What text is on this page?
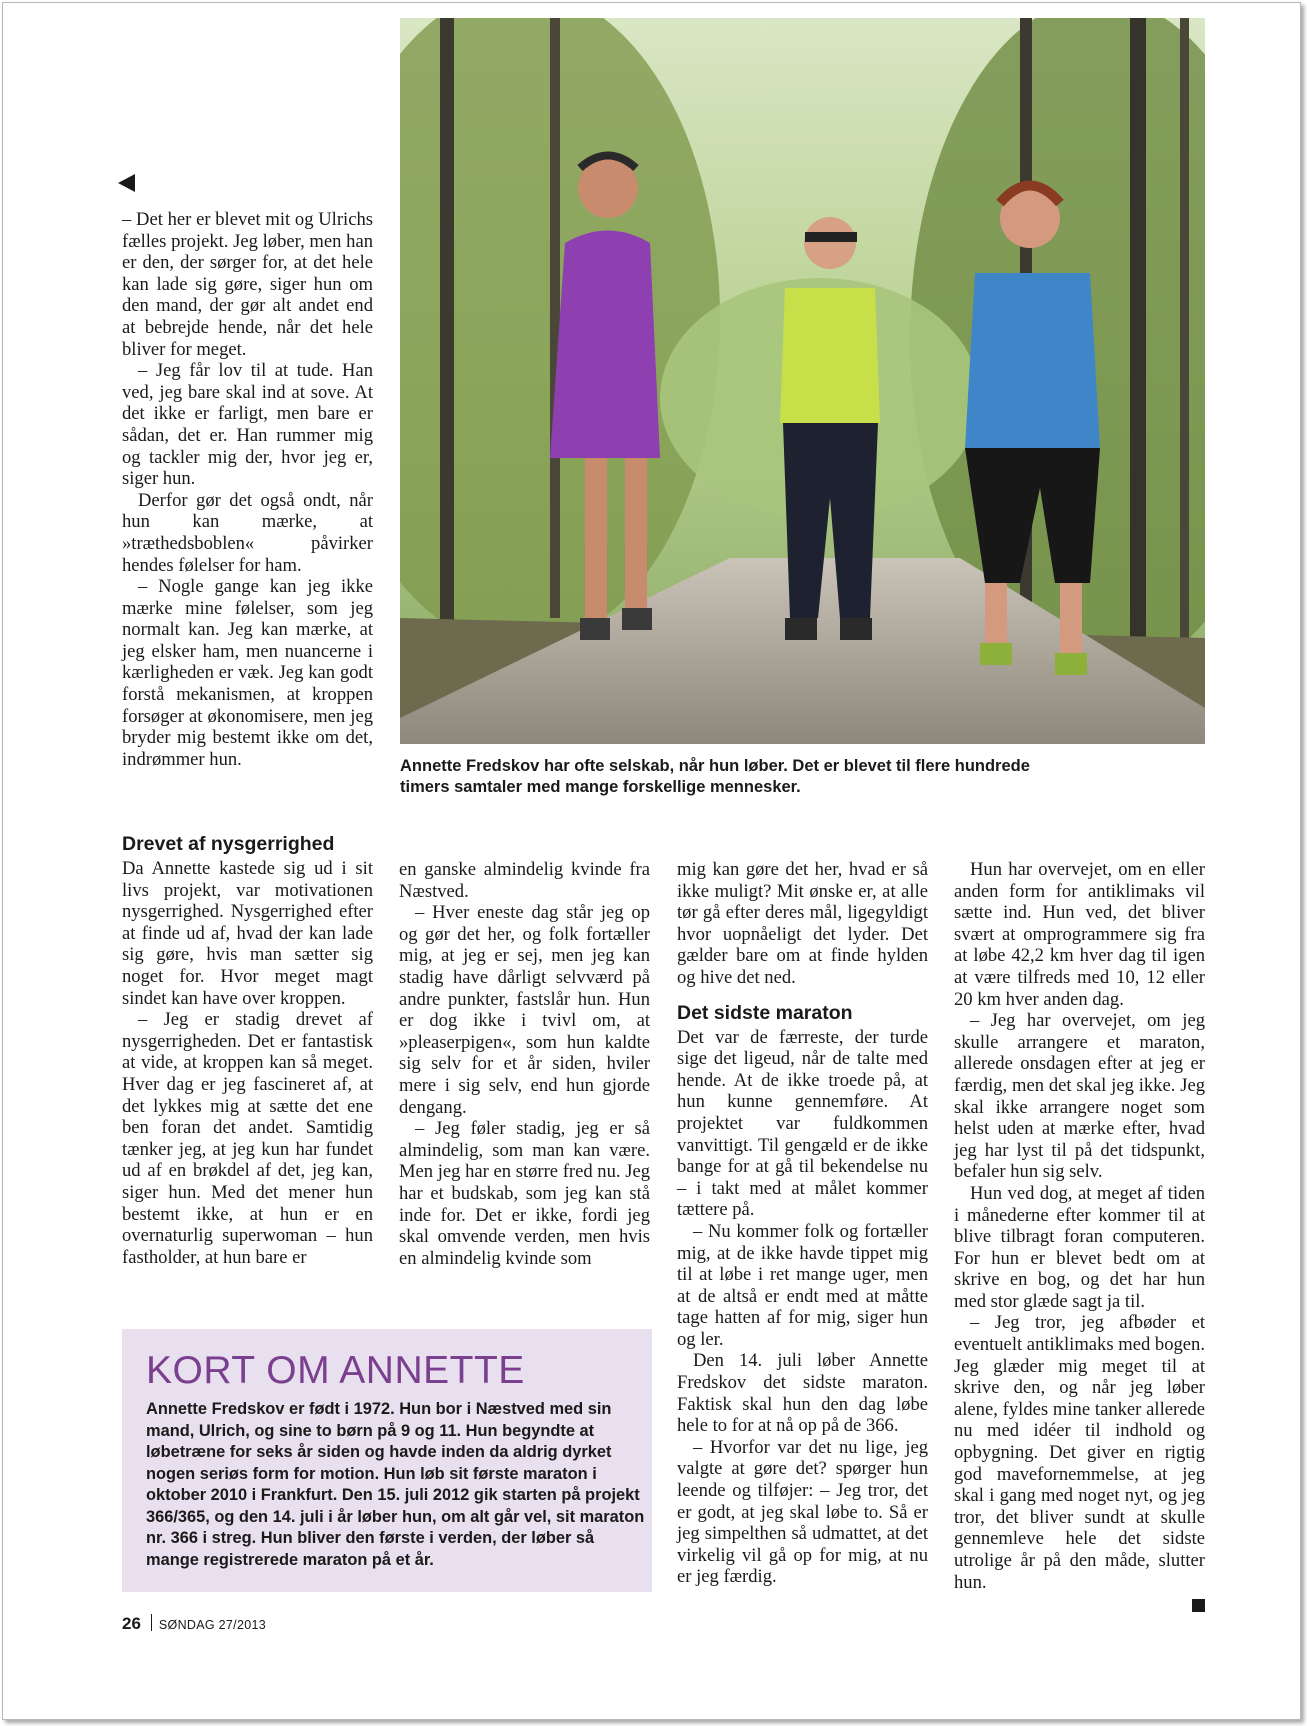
Annette Fredskov har ofte selskab, når hun løber. Det er blevet til flere hundrede
timers samtaler med mange forskellige mennesker.

– Det her er blevet mit og Ulrichs fælles projekt. Jeg løber, men han er den, der sørger for, at det hele kan lade sig gøre, siger hun om den mand, der gør alt andet end at bebrejde hende, når det hele bliver for meget.

– Jeg får lov til at tude. Han ved, jeg bare skal ind at sove. At det ikke er farligt, men bare er sådan, det er. Han rummer mig og tackler mig der, hvor jeg er, siger hun.

Derfor gør det også ondt, når hun kan mærke, at »træthedsboblen« påvirker hendes følelser for ham.

– Nogle gange kan jeg ikke mærke mine følelser, som jeg normalt kan. Jeg kan mærke, at jeg elsker ham, men nuancerne i kærligheden er væk. Jeg kan godt forstå mekanismen, at kroppen forsøger at økonomisere, men jeg bryder mig bestemt ikke om det, indrømmer hun.

Drevet af nysgerrighed

Da Annette kastede sig ud i sit livs projekt, var motivationen nysgerrighed. Nysgerrighed efter at finde ud af, hvad der kan lade sig gøre, hvis man sætter sig noget for. Hvor meget magt sindet kan have over kroppen.

– Jeg er stadig drevet af nysgerrigheden. Det er fantastisk at vide, at kroppen kan så meget. Hver dag er jeg fascineret af, at det lykkes mig at sætte det ene ben foran det andet. Samtidig tænker jeg, at jeg kun har fundet ud af en brøkdel af det, jeg kan, siger hun. Med det mener hun bestemt ikke, at hun er en overnaturlig superwoman – hun fastholder, at hun bare er

en ganske almindelig kvinde fra Næstved.

– Hver eneste dag står jeg op og gør det her, og folk fortæller mig, at jeg er sej, men jeg kan stadig have dårligt selvværd på andre punkter, fastslår hun. Hun er dog ikke i tvivl om, at »pleaserpigen«, som hun kaldte sig selv for et år siden, hviler mere i sig selv, end hun gjorde dengang.

– Jeg føler stadig, jeg er så almindelig, som man kan være. Men jeg har en større fred nu. Jeg har et budskab, som jeg kan stå inde for. Det er ikke, fordi jeg skal omvende verden, men hvis en almindelig kvinde som

mig kan gøre det her, hvad er så ikke muligt? Mit ønske er, at alle tør gå efter deres mål, ligegyldigt hvor uopnåeligt det lyder. Det gælder bare om at finde hylden og hive det ned.

Det sidste maraton

Det var de færreste, der turde sige det ligeud, når de talte med hende. At de ikke troede på, at hun kunne gennemføre. At projektet var fuldkommen vanvittigt. Til gengæld er de ikke bange for at gå til bekendelse nu – i takt med at målet kommer tættere på.

– Nu kommer folk og fortæller mig, at de ikke havde tippet mig til at løbe i ret mange uger, men at de altså er endt med at måtte tage hatten af for mig, siger hun og ler.

Den 14. juli løber Annette Fredskov det sidste maraton. Faktisk skal hun den dag løbe hele to for at nå op på de 366.

– Hvorfor var det nu lige, jeg valgte at gøre det? spørger hun leende og tilføjer: – Jeg tror, det er godt, at jeg skal løbe to. Så er jeg simpelthen så udmattet, at det virkelig vil gå op for mig, at nu er jeg færdig.

Hun har overvejet, om en eller anden form for antiklimaks vil sætte ind. Hun ved, det bliver svært at omprogrammere sig fra at løbe 42,2 km hver dag til igen at være tilfreds med 10, 12 eller 20 km hver anden dag.

– Jeg har overvejet, om jeg skulle arrangere et maraton, allerede onsdagen efter at jeg er færdig, men det skal jeg ikke. Jeg skal ikke arrangere noget som helst uden at mærke efter, hvad jeg har lyst til på det tidspunkt, befaler hun sig selv.

Hun ved dog, at meget af tiden i månederne efter kommer til at blive tilbragt foran computeren. For hun er blevet bedt om at skrive en bog, og det har hun med stor glæde sagt ja til.

– Jeg tror, jeg afbøder et eventuelt antiklimaks med bogen. Jeg glæder mig meget til at skrive den, og når jeg løber alene, fyldes mine tanker allerede nu med idéer til indhold og opbygning. Det giver en rigtig god mavefornemmelse, at jeg skal i gang med noget nyt, og jeg tror, det bliver sundt at skulle gennemleve hele det sidste utrolige år på den måde, slutter hun.

KORT OM ANNETTE
Annette Fredskov er født i 1972. Hun bor i Næstved med sin mand, Ulrich, og sine to børn på 9 og 11. Hun begyndte at løbetræne for seks år siden og havde inden da aldrig dyrket nogen seriøs form for motion. Hun løb sit første maraton i oktober 2010 i Frankfurt. Den 15. juli 2012 gik starten på projekt 366/365, og den 14. juli i år løber hun, om alt går vel, sit maraton nr. 366 i streg. Hun bliver den første i verden, der løber så mange registrerede maraton på et år.
26 SØNDAG 27/2013
